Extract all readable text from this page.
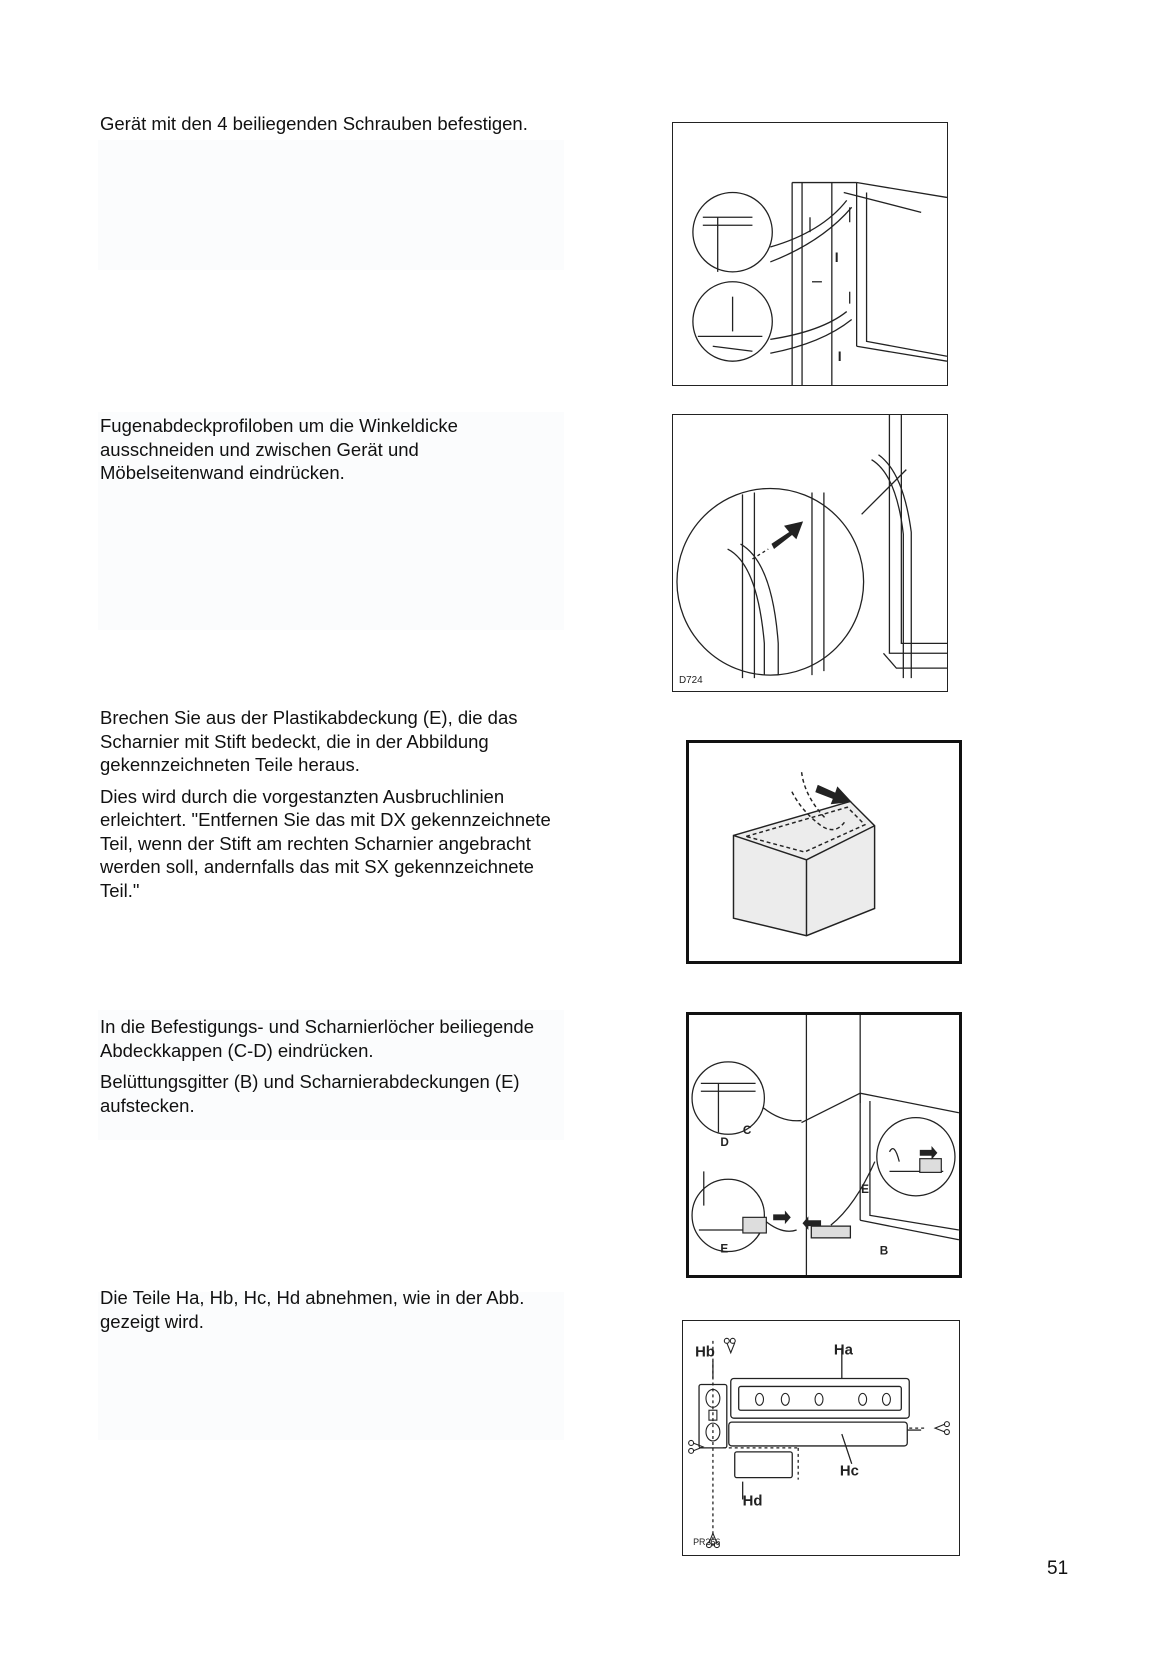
Gerät mit den 4 beiliegenden Schrauben befestigen.

I
I

Fugenabdeckprofiloben um die Winkeldicke ausschneiden und zwischen Gerät und Möbelseitenwand eindrücken.

D724

Brechen Sie aus der Plastikabdeckung (E), die das Scharnier mit Stift bedeckt, die in der Abbildung gekennzeichneten Teile heraus.

Dies wird durch die vorgestanzten Ausbruchlinien erleichtert. "Entfernen Sie das mit DX gekennzeichnete Teil, wenn der Stift am rechten Scharnier angebracht werden soll, andernfalls das mit SX gekennzeichnete Teil."

In die Befestigungs- und Scharnierlöcher beiliegende Abdeckkappen (C-D) eindrücken.

Belüttungsgitter (B) und Scharnierabdeckungen (E) aufstecken.

C
D
E
E	B

Die Teile Ha, Hb, Hc, Hd abnehmen, wie in der Abb. gezeigt wird.

Hb	Ha
Hc
Hd
PR266
51
